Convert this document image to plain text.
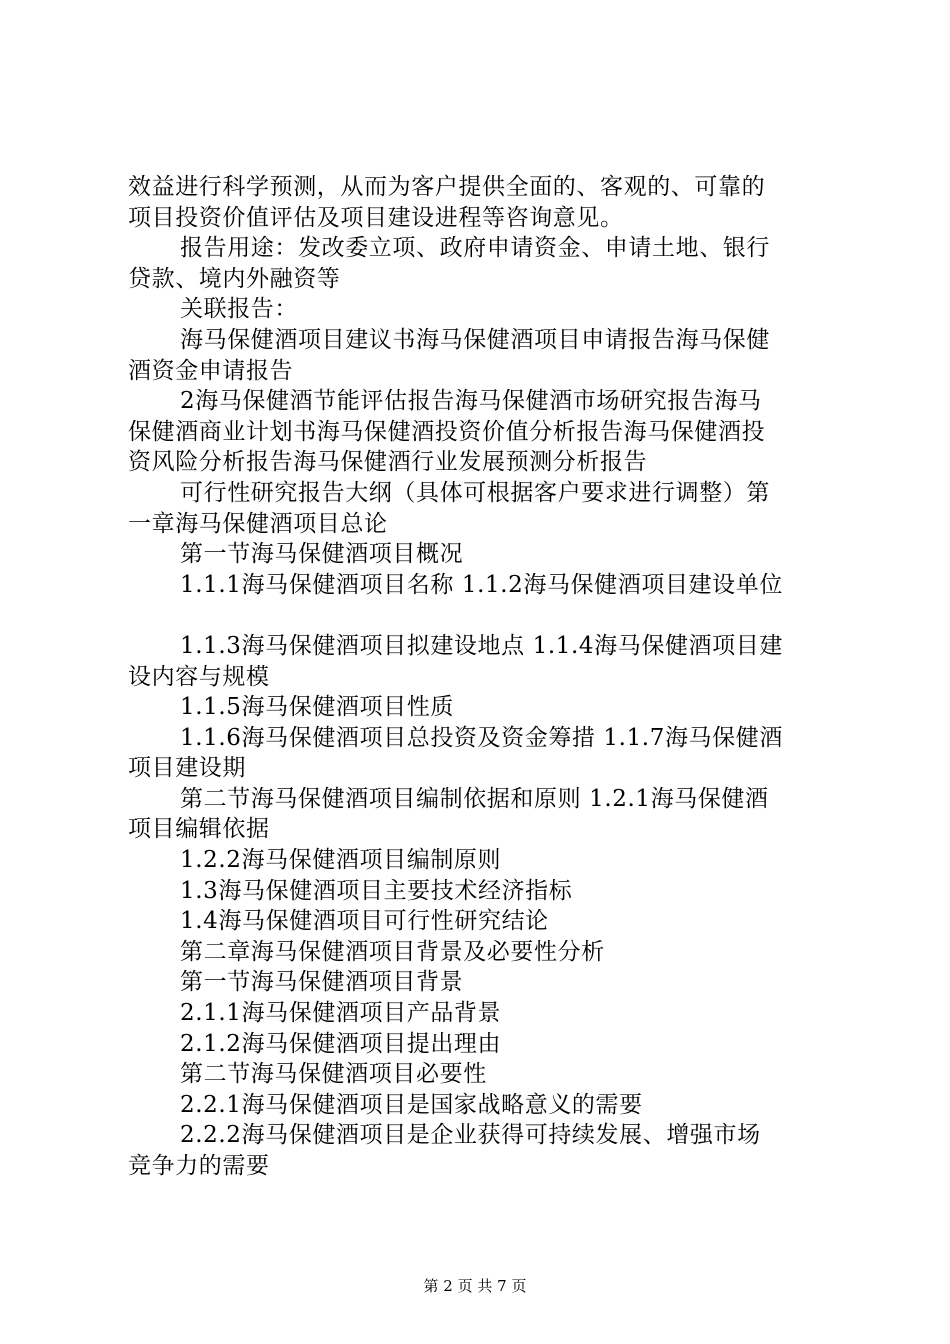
效益进行科学预测，从而为客户提供全面的、客观的、可靠的
项目投资价值评估及项目建设进程等咨询意见。
报告用途：发改委立项、政府申请资金、申请土地、银行
贷款、境内外融资等
关联报告：
海马保健酒项目建议书海马保健酒项目申请报告海马保健
酒资金申请报告
2海马保健酒节能评估报告海马保健酒市场研究报告海马
保健酒商业计划书海马保健酒投资价值分析报告海马保健酒投
资风险分析报告海马保健酒行业发展预测分析报告
可行性研究报告大纲（具体可根据客户要求进行调整）第
一章海马保健酒项目总论
第一节海马保健酒项目概况
1.1.1海马保健酒项目名称 1.1.2海马保健酒项目建设单位
1.1.3海马保健酒项目拟建设地点 1.1.4海马保健酒项目建
设内容与规模
1.1.5海马保健酒项目性质
1.1.6海马保健酒项目总投资及资金筹措 1.1.7海马保健酒
项目建设期
第二节海马保健酒项目编制依据和原则 1.2.1海马保健酒
项目编辑依据
1.2.2海马保健酒项目编制原则
1.3海马保健酒项目主要技术经济指标
1.4海马保健酒项目可行性研究结论
第二章海马保健酒项目背景及必要性分析
第一节海马保健酒项目背景
2.1.1海马保健酒项目产品背景
2.1.2海马保健酒项目提出理由
第二节海马保健酒项目必要性
2.2.1海马保健酒项目是国家战略意义的需要
2.2.2海马保健酒项目是企业获得可持续发展、增强市场
竞争力的需要
第 2 页 共 7 页
